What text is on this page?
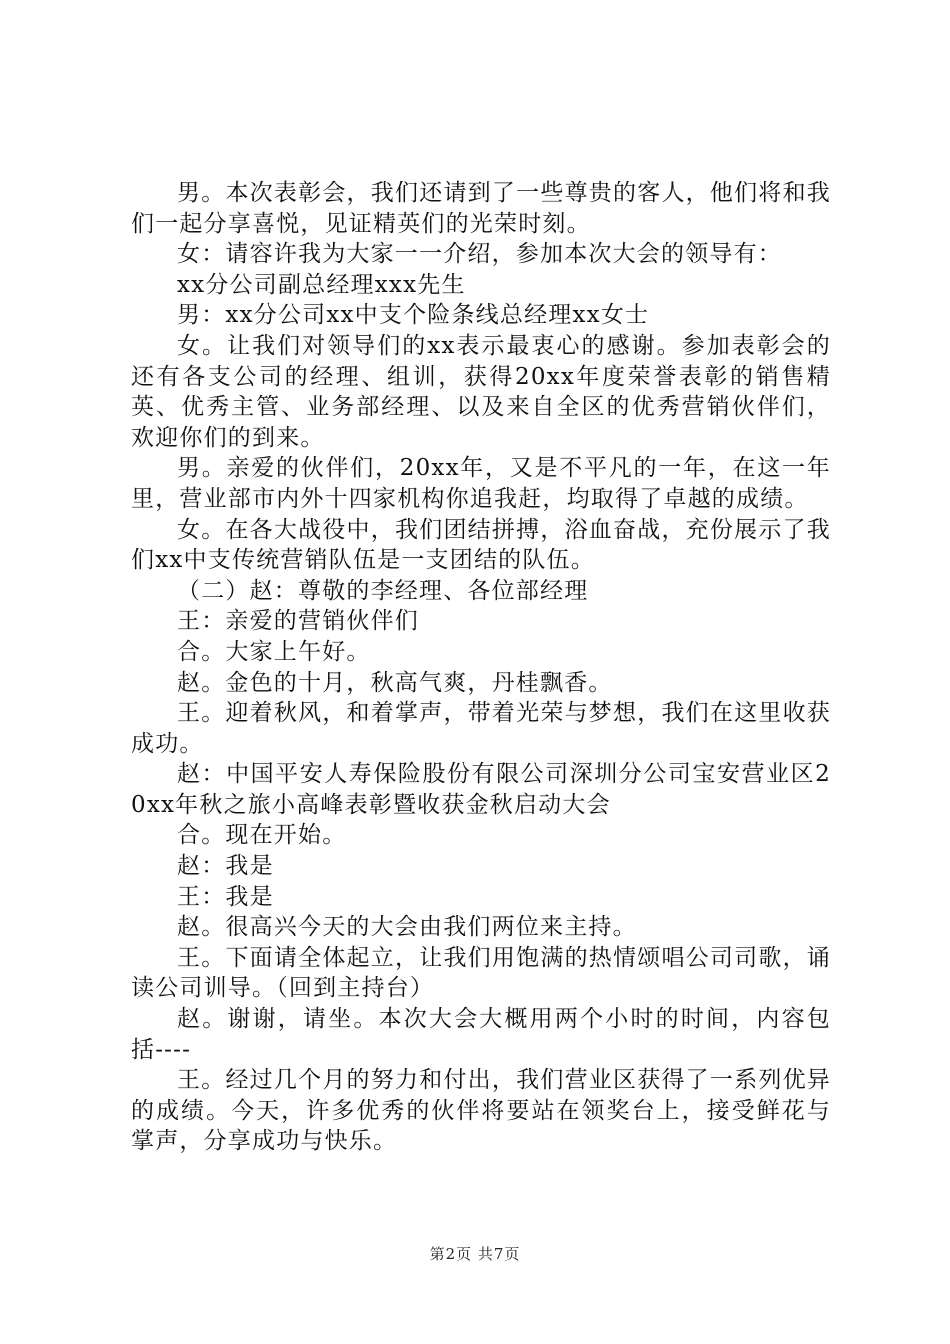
男。本次表彰会，我们还请到了一些尊贵的客人，他们将和我们一起分享喜悦，见证精英们的光荣时刻。

女：请容许我为大家一一介绍，参加本次大会的领导有：

xx分公司副总经理xxx先生

男：xx分公司xx中支个险条线总经理xx女士

女。让我们对领导们的xx表示最衷心的感谢。参加表彰会的还有各支公司的经理、组训，获得20xx年度荣誉表彰的销售精英、优秀主管、业务部经理、以及来自全区的优秀营销伙伴们，欢迎你们的到来。

男。亲爱的伙伴们，20xx年，又是不平凡的一年，在这一年里，营业部市内外十四家机构你追我赶，均取得了卓越的成绩。

女。在各大战役中，我们团结拼搏，浴血奋战，充份展示了我们xx中支传统营销队伍是一支团结的队伍。

（二）赵：尊敬的李经理、各位部经理

王：亲爱的营销伙伴们

合。大家上午好。

赵。金色的十月，秋高气爽，丹桂飘香。

王。迎着秋风，和着掌声，带着光荣与梦想，我们在这里收获成功。

赵：中国平安人寿保险股份有限公司深圳分公司宝安营业区20xx年秋之旅小高峰表彰暨收获金秋启动大会

合。现在开始。

赵：我是

王：我是

赵。很高兴今天的大会由我们两位来主持。

王。下面请全体起立，让我们用饱满的热情颂唱公司司歌，诵读公司训导。（回到主持台）

赵。谢谢，请坐。本次大会大概用两个小时的时间，内容包括----

王。经过几个月的努力和付出，我们营业区获得了一系列优异的成绩。今天，许多优秀的伙伴将要站在领奖台上，接受鲜花与掌声，分享成功与快乐。

第2页 共7页
